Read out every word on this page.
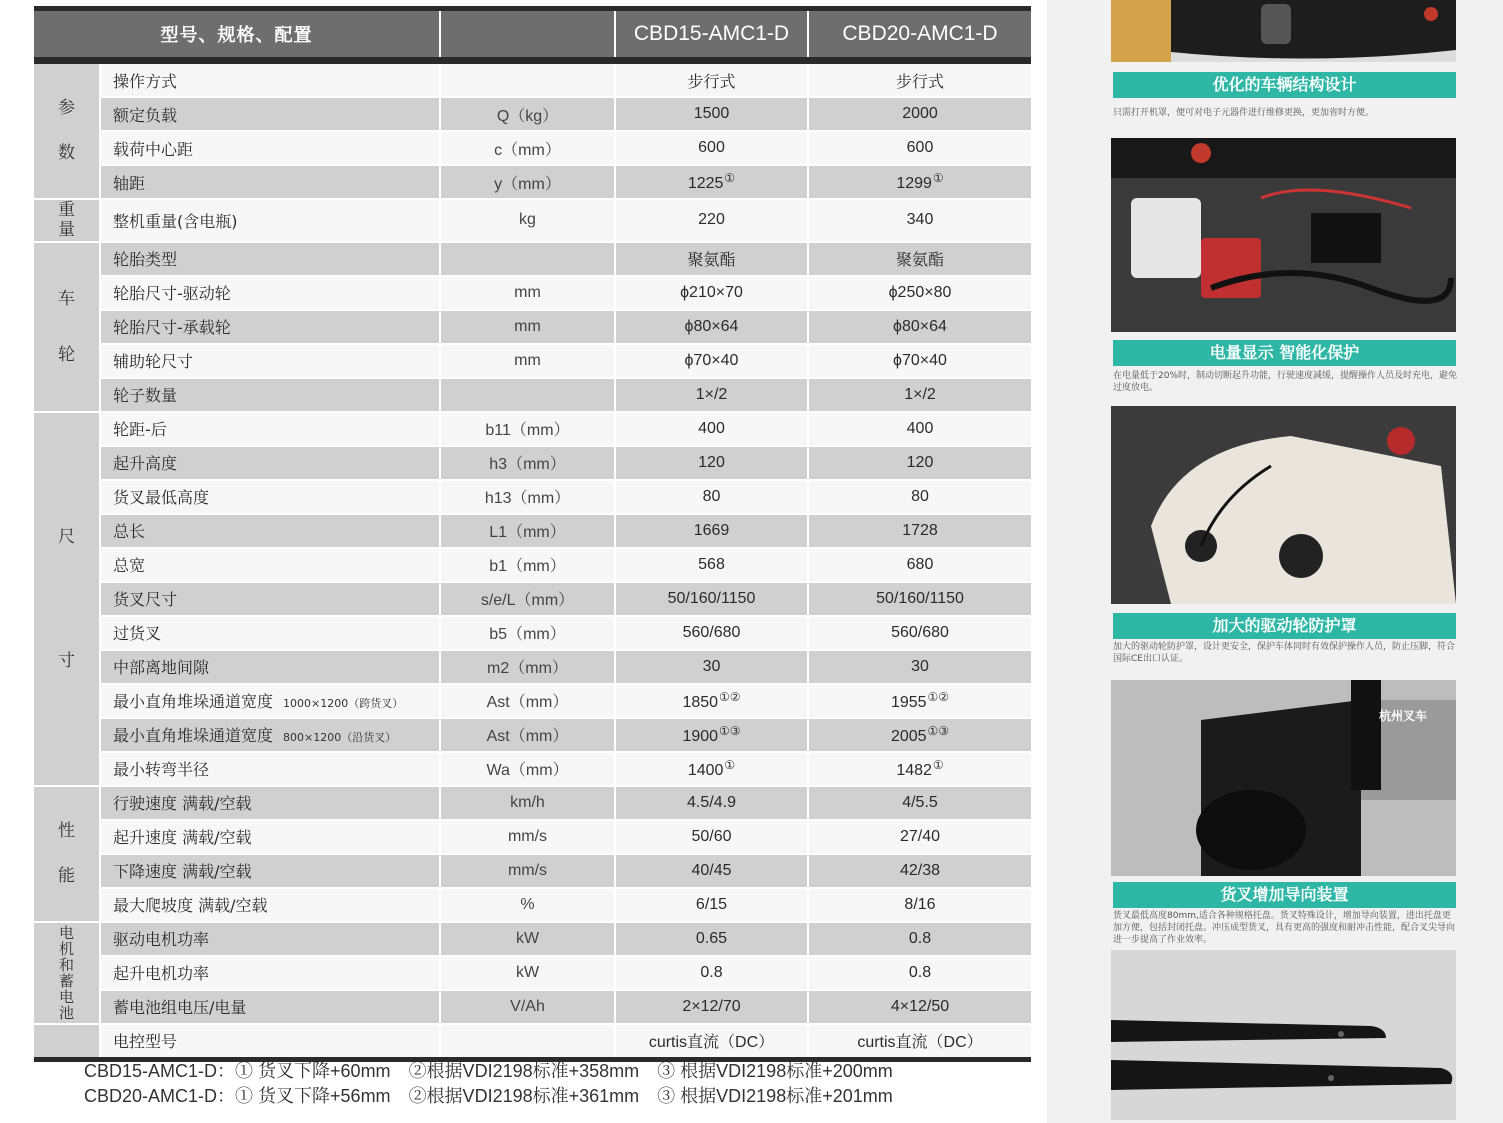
型号、规格、配置			CBD15-AMC1-D	CBD20-AMC1-D
参数	操作方式		步行式	步行式
	额定负载	Q（kg）	1500	2000
	载荷中心距	c（mm）	600	600
	轴距	y（mm）	1225①	1299①
重量	整机重量(含电瓶)	kg	220	340
车轮	轮胎类型		聚氨酯	聚氨酯
	轮胎尺寸-驱动轮	mm	ϕ210×70	ϕ250×80
	轮胎尺寸-承载轮	mm	ϕ80×64	ϕ80×64
	辅助轮尺寸	mm	ϕ70×40	ϕ70×40
	轮子数量		1×/2	1×/2
尺寸	轮距-后	b11（mm）	400	400
	起升高度	h3（mm）	120	120
	货叉最低高度	h13（mm）	80	80
	总长	L1（mm）	1669	1728
	总宽	b1（mm）	568	680
	货叉尺寸	s/e/L（mm）	50/160/1150	50/160/1150
	过货叉	b5（mm）	560/680	560/680
	中部离地间隙	m2（mm）	30	30
	最小直角堆垛通道宽度 1000×1200（跨货叉）	Ast（mm）	1850①②	1955①②
	最小直角堆垛通道宽度 800×1200（沿货叉）	Ast（mm）	1900①③	2005①③
	最小转弯半径	Wa（mm）	1400①	1482①
性能	行驶速度 满载/空载	km/h	4.5/4.9	4/5.5
	起升速度 满载/空载	mm/s	50/60	27/40
	下降速度 满载/空载	mm/s	40/45	42/38
	最大爬坡度 满载/空载	%	6/15	8/16
电机和蓄电池	驱动电机功率	kW	0.65	0.8
	起升电机功率	kW	0.8	0.8
	蓄电池组电压/电量	V/Ah	2×12/70	4×12/50
	电控型号		curtis直流（DC）	curtis直流（DC）
CBD15-AMC1-D：① 货叉下降+60mm ②根据VDI2198标准+358mm ③ 根据VDI2198标准+200mm
CBD20-AMC1-D：① 货叉下降+56mm ②根据VDI2198标准+361mm ③ 根据VDI2198标准+201mm
优化的车辆结构设计
只需打开机罩，便可对电子元器件进行维修更换，更加省时方便。
电量显示 智能化保护
在电量低于20%时，制动切断起升功能，行驶速度减缓，提醒操作人员及时充电，避免过度放电。
加大的驱动轮防护罩
加大的驱动轮防护罩，设计更安全，保护车体同时有效保护操作人员，防止压脚，符合国际CE出口认证。
杭州叉车
货叉增加导向装置
货叉最低高度80mm,适合各种规格托盘。货叉特殊设计，增加导向装置，进出托盘更加方便，包括封闭托盘。冲压成型货叉，具有更高的强度和耐冲击性能，配合叉尖导向进一步提高了作业效率。
